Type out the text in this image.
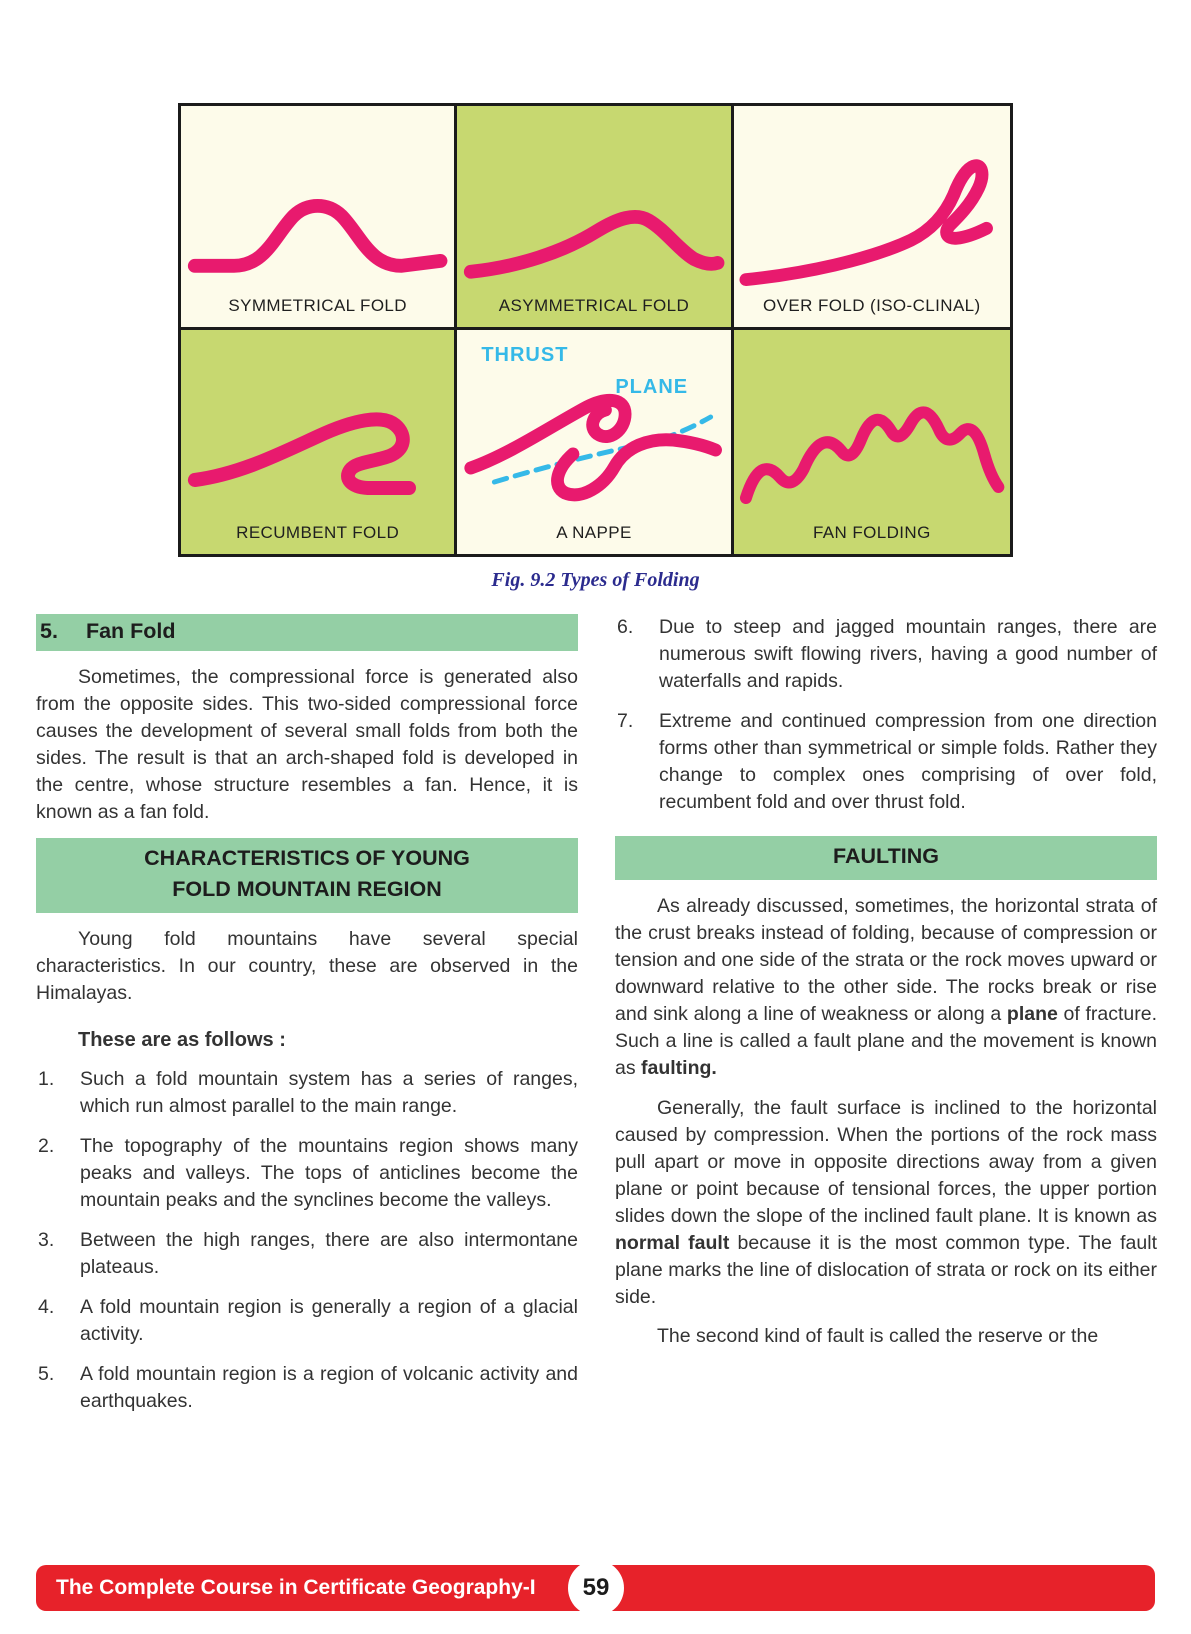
SYMMETRICAL FOLD	ASYMMETRICAL FOLD	OVER FOLD (ISO-CLINAL)
RECUMBENT FOLD
THRUST
PLANE
A NAPPE	FAN FOLDING
Fig. 9.2 Types of Folding
5. Fan Fold

Sometimes, the compressional force is generated also from the opposite sides. This two-sided compressional force causes the development of several small folds from both the sides. The result is that an arch-shaped fold is developed in the centre, whose structure resembles a fan. Hence, it is known as a fan fold.

CHARACTERISTICS OF YOUNG
FOLD MOUNTAIN REGION

Young fold mountains have several special characteristics. In our country, these are observed in the Himalayas.

These are as follows :
1.	Such a fold mountain system has a series of ranges, which run almost parallel to the main range.
2.	The topography of the mountains region shows many peaks and valleys. The tops of anticlines become the mountain peaks and the synclines become the valleys.
3.	Between the high ranges, there are also intermontane plateaus.
4.	A fold mountain region is generally a region of a glacial activity.
5.	A fold mountain region is a region of volcanic activity and earthquakes.
6.	Due to steep and jagged mountain ranges, there are numerous swift flowing rivers, having a good number of waterfalls and rapids.
7.	Extreme and continued compression from one direction forms other than symmetrical or simple folds. Rather they change to complex ones comprising of over fold, recumbent fold and over thrust fold.
FAULTING

As already discussed, sometimes, the horizontal strata of the crust breaks instead of folding, because of compression or tension and one side of the strata or the rock moves upward or downward relative to the other side. The rocks break or rise and sink along a line of weakness or along a plane of fracture. Such a line is called a fault plane and the movement is known as faulting.

Generally, the fault surface is inclined to the horizontal caused by compression. When the portions of the rock mass pull apart or move in opposite directions away from a given plane or point because of tensional forces, the upper portion slides down the slope of the inclined fault plane. It is known as normal fault because it is the most common type. The fault plane marks the line of dislocation of strata or rock on its either side.

The second kind of fault is called the reserve or the

The Complete Course in Certificate Geography-I	59
